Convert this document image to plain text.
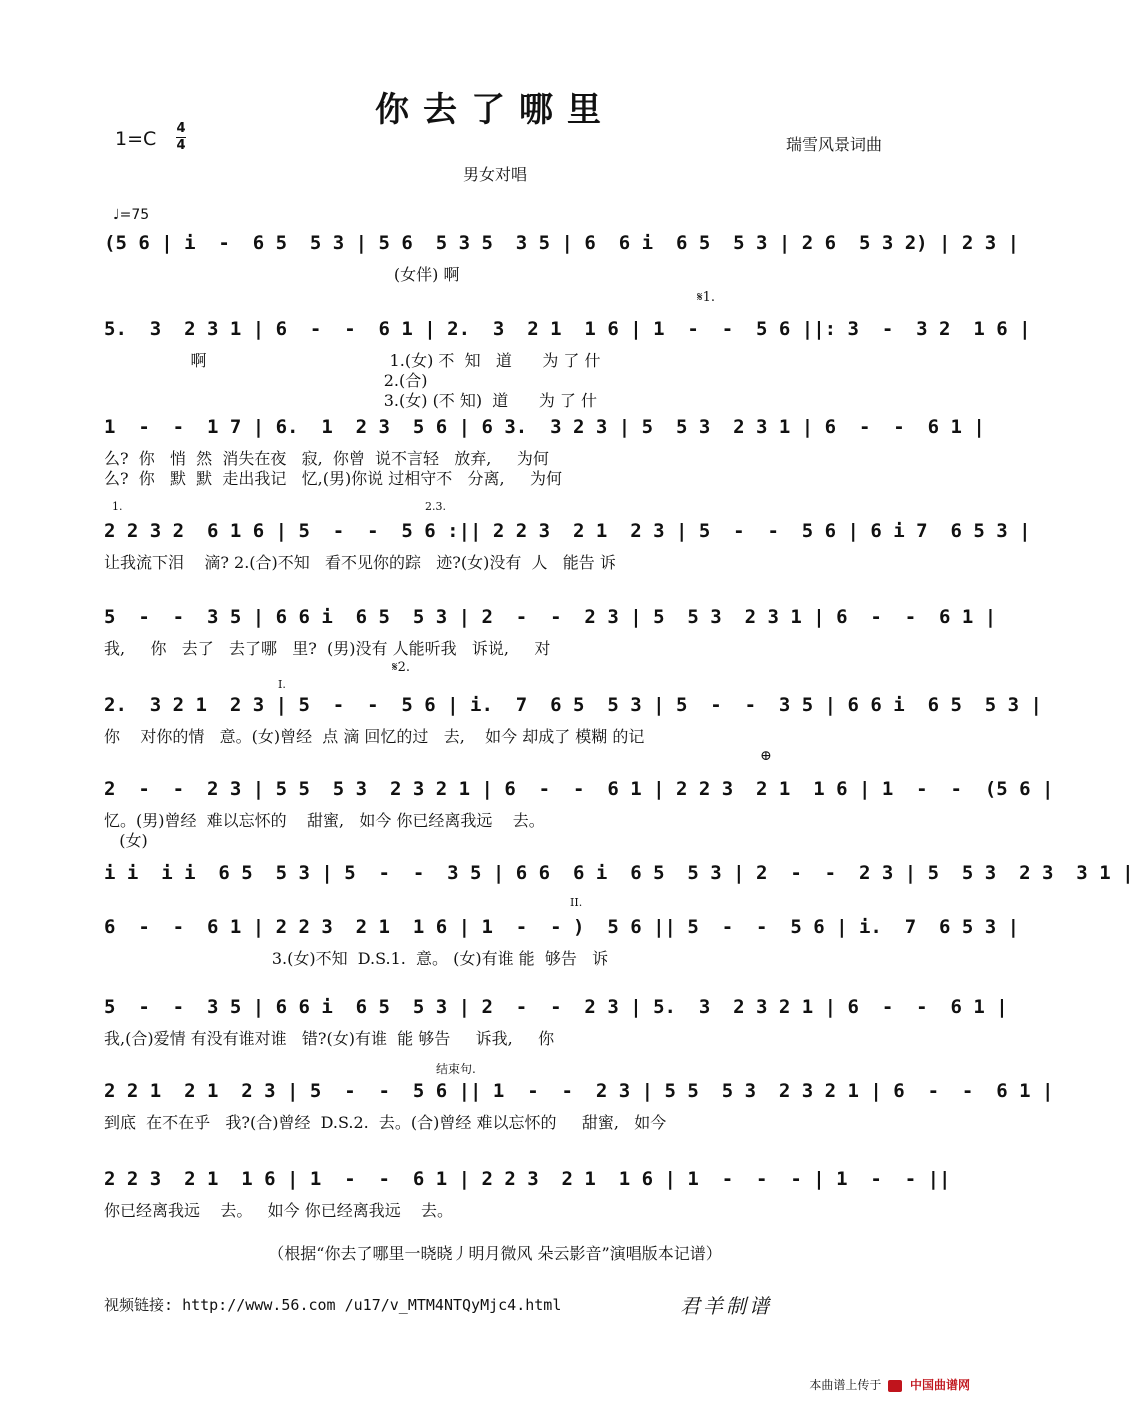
你去了哪里
1=C 4
4	瑞雪风景词曲
男女对唱
♩=75
(5 6 | i  -  6 5  5 3 | 5 6  5 3 5  3 5 | 6  6 i  6 5  5 3 | 2 6  5 3 2) | 2 3 |
(女伴) 啊
5.  3  2 3 1 | 6  -  -  6 1 | 2.  3  2 1  1 6 | 1  -  -  5 6 ||: 3  -  3 2  1 6 |
啊                                    1.(女) 不  知   道      为 了 什
2.(合)
3.(女) (不 知)  道      为 了 什
1  -  -  1 7 | 6.  1  2 3  5 6 | 6 3.  3 2 3 | 5  5 3  2 3 1 | 6  -  -  6 1 |
么?  你   悄  然  消失在夜   寂,  你曾  说不言轻   放弃,     为何
么?  你   默  默  走出我记   忆,(男)你说 过相守不   分离,     为何
2 2 3 2  6 1 6 | 5  -  -  5 6 :|| 2 2 3  2 1  2 3 | 5  -  -  5 6 | 6 i 7  6 5 3 |
让我流下泪    滴? 2.(合)不知   看不见你的踪   迹?(女)没有  人   能告 诉
5  -  -  3 5 | 6 6 i  6 5  5 3 | 2  -  -  2 3 | 5  5 3  2 3 1 | 6  -  -  6 1 |
我,     你   去了   去了哪   里?  (男)没有 人能听我   诉说,     对
2.  3 2 1  2 3 | 5  -  -  5 6 | i.  7  6 5  5 3 | 5  -  -  3 5 | 6 6 i  6 5  5 3 |
你    对你的情   意。(女)曾经  点 滴 回忆的过   去,    如今 却成了 模糊 的记
2  -  -  2 3 | 5 5  5 3  2 3 2 1 | 6  -  -  6 1 | 2 2 3  2 1  1 6 | 1  -  -  (5 6 |
忆。(男)曾经  难以忘怀的    甜蜜,   如今 你已经离我远    去。
(女)
i i  i i  6 5  5 3 | 5  -  -  3 5 | 6 6  6 i  6 5  5 3 | 2  -  -  2 3 | 5  5 3  2 3  3 1 |
6  -  -  6 1 | 2 2 3  2 1  1 6 | 1  -  - )  5 6 || 5  -  -  5 6 | i.  7  6 5 3 |
3.(女)不知  D.S.1.  意。 (女)有谁 能  够告   诉
5  -  -  3 5 | 6 6 i  6 5  5 3 | 2  -  -  2 3 | 5.  3  2 3 2 1 | 6  -  -  6 1 |
我,(合)爱情 有没有谁对谁   错?(女)有谁  能 够告     诉我,     你
2 2 1  2 1  2 3 | 5  -  -  5 6 || 1  -  -  2 3 | 5 5  5 3  2 3 2 1 | 6  -  -  6 1 |
到底  在不在乎   我?(合)曾经  D.S.2.  去。(合)曾经 难以忘怀的     甜蜜,   如今
2 2 3  2 1  1 6 | 1  -  -  6 1 | 2 2 3  2 1  1 6 | 1  -  -  - | 1  -  - ||
你已经离我远    去。   如今 你已经离我远    去。
𝄋1.
1.	2.3.
𝄋2.
I.
II.
结束句.
⊕
（根据“你去了哪里一晓晓丿明月微风 朵云影音”演唱版本记谱）
视频链接: http://www.56.com /u17/v_MTM4NTQyMjc4.html	君羊制谱
本曲谱上传于 中国曲谱网
